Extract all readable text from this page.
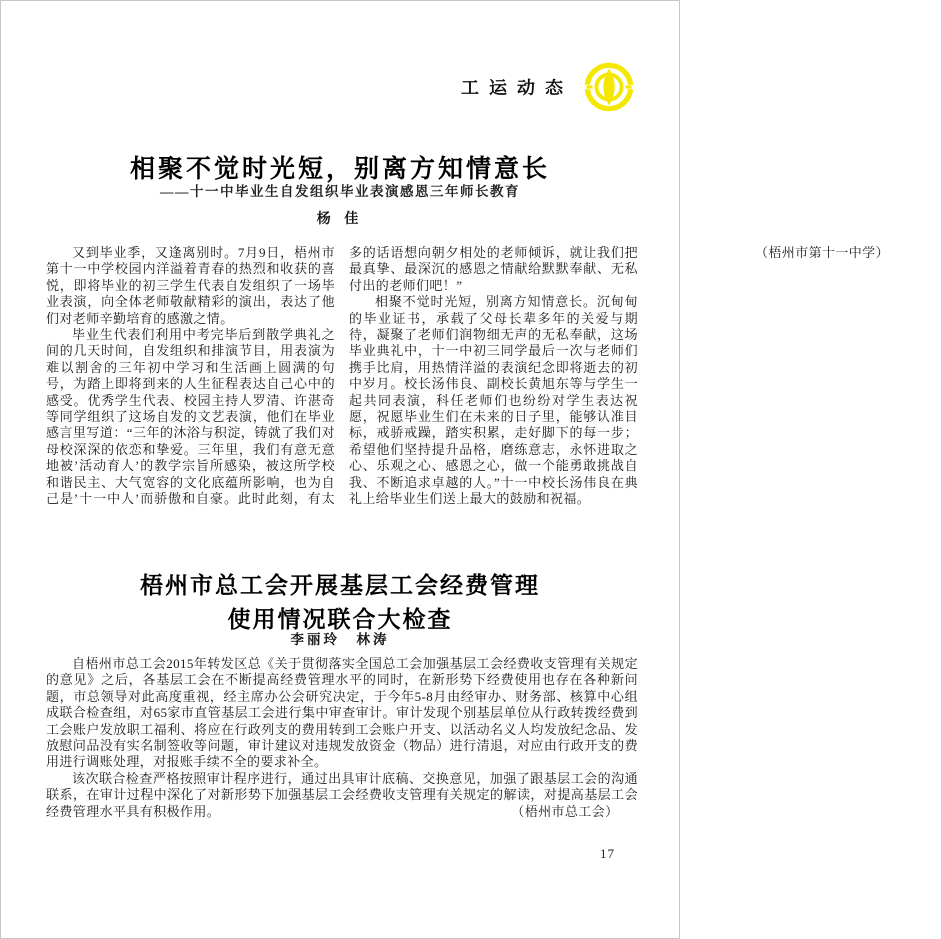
工运动态
相聚不觉时光短，别离方知情意长
——十一中毕业生自发组织毕业表演感恩三年师长教育
杨 佳

又到毕业季，又逢离别时。7月9日，梧州市第十一中学校园内洋溢着青春的热烈和收获的喜悦，即将毕业的初三学生代表自发组织了一场毕业表演，向全体老师敬献精彩的演出，表达了他们对老师辛勤培育的感激之情。

毕业生代表们利用中考完毕后到散学典礼之间的几天时间，自发组织和排演节目，用表演为难以割舍的三年初中学习和生活画上圆满的句号，为踏上即将到来的人生征程表达自己心中的感受。优秀学生代表、校园主持人罗清、许湛奇等同学组织了这场自发的文艺表演，他们在毕业感言里写道：“三年的沐浴与积淀，铸就了我们对母校深深的依恋和挚爱。三年里，我们有意无意地被’活动育人’的教学宗旨所感染，被这所学校和谐民主、大气宽容的文化底蕴所影响，也为自己是’十一中人’而骄傲和自豪。此时此刻，有太多的话语想向朝夕相处的老师倾诉，就让我们把最真挚、最深沉的感恩之情献给默默奉献、无私付出的老师们吧！”

相聚不觉时光短，别离方知情意长。沉甸甸的毕业证书，承载了父母长辈多年的关爱与期待，凝聚了老师们润物细无声的无私奉献，这场毕业典礼中，十一中初三同学最后一次与老师们携手比肩，用热情洋溢的表演纪念即将逝去的初中岁月。校长汤伟良、副校长黄旭东等与学生一起共同表演，科任老师们也纷纷对学生表达祝愿，祝愿毕业生们在未来的日子里，能够认准目标，戒骄戒躁，踏实积累，走好脚下的每一步；希望他们坚持提升品格，磨练意志，永怀进取之心、乐观之心、感恩之心，做一个能勇敢挑战自我、不断追求卓越的人。”十一中校长汤伟良在典礼上给毕业生们送上最大的鼓励和祝福。

（梧州市第十一中学）
梧州市总工会开展基层工会经费管理
使用情况联合大检查
李丽玲　林涛

自梧州市总工会2015年转发区总《关于贯彻落实全国总工会加强基层工会经费收支管理有关规定的意见》之后，各基层工会在不断提高经费管理水平的同时，在新形势下经费使用也存在各种新问题，市总领导对此高度重视，经主席办公会研究决定，于今年5-8月由经审办、财务部、核算中心组成联合检查组，对65家市直管基层工会进行集中审查审计。审计发现个别基层单位从行政转拨经费到工会账户发放职工福利、将应在行政列支的费用转到工会账户开支、以活动名义人均发放纪念品、发放慰问品没有实名制签收等问题，审计建议对违规发放资金（物品）进行清退，对应由行政开支的费用进行调账处理，对报账手续不全的要求补全。

该次联合检查严格按照审计程序进行，通过出具审计底稿、交换意见，加强了跟基层工会的沟通联系，在审计过程中深化了对新形势下加强基层工会经费收支管理有关规定的解读，对提高基层工会经费管理水平具有积极作用。	（梧州市总工会）

17
